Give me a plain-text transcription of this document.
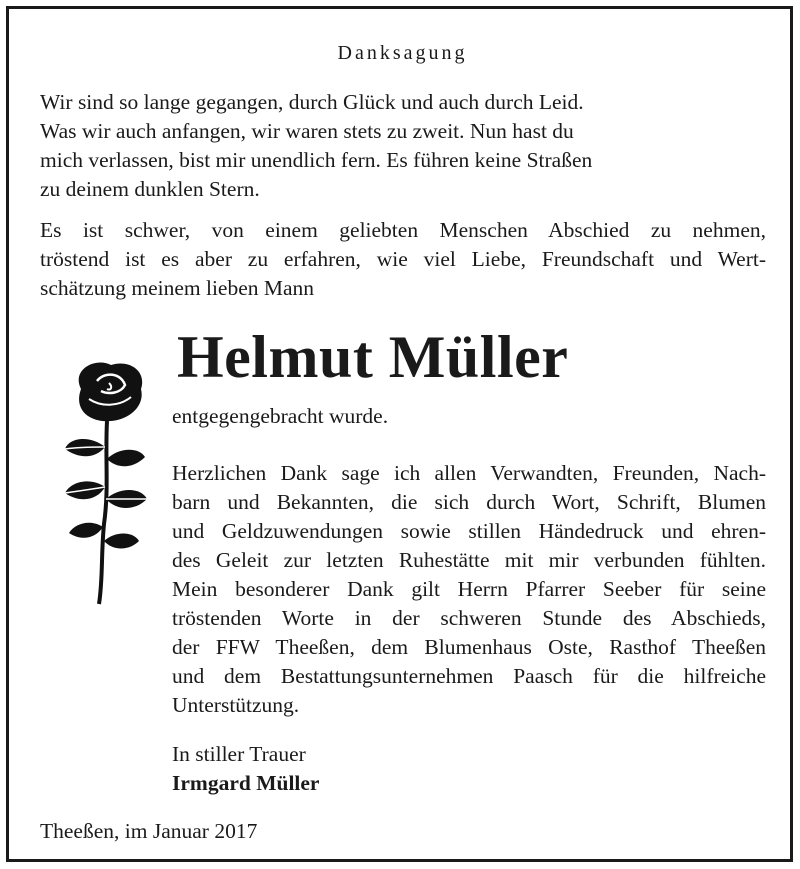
Danksagung

Wir sind so lange gegangen, durch Glück und auch durch Leid.

Was wir auch anfangen, wir waren stets zu zweit. Nun hast du

mich verlassen, bist mir unendlich fern. Es führen keine Straßen

zu deinem dunklen Stern.

Es ist schwer, von einem geliebten Menschen Abschied zu nehmen,

tröstend ist es aber zu erfahren, wie viel Liebe, Freundschaft und Wert-

schätzung meinem lieben Mann

Helmut Müller

entgegengebracht wurde.

Herzlichen Dank sage ich allen Verwandten, Freunden, Nach-

barn und Bekannten, die sich durch Wort, Schrift, Blumen

und Geldzuwendungen sowie stillen Händedruck und ehren-

des Geleit zur letzten Ruhestätte mit mir verbunden fühlten.

Mein besonderer Dank gilt Herrn Pfarrer Seeber für seine

tröstenden Worte in der schweren Stunde des Abschieds,

der FFW Theeßen, dem Blumenhaus Oste, Rasthof Theeßen

und dem Bestattungsunternehmen Paasch für die hilfreiche

Unterstützung.

In stiller Trauer

Irmgard Müller

Theeßen, im Januar 2017
